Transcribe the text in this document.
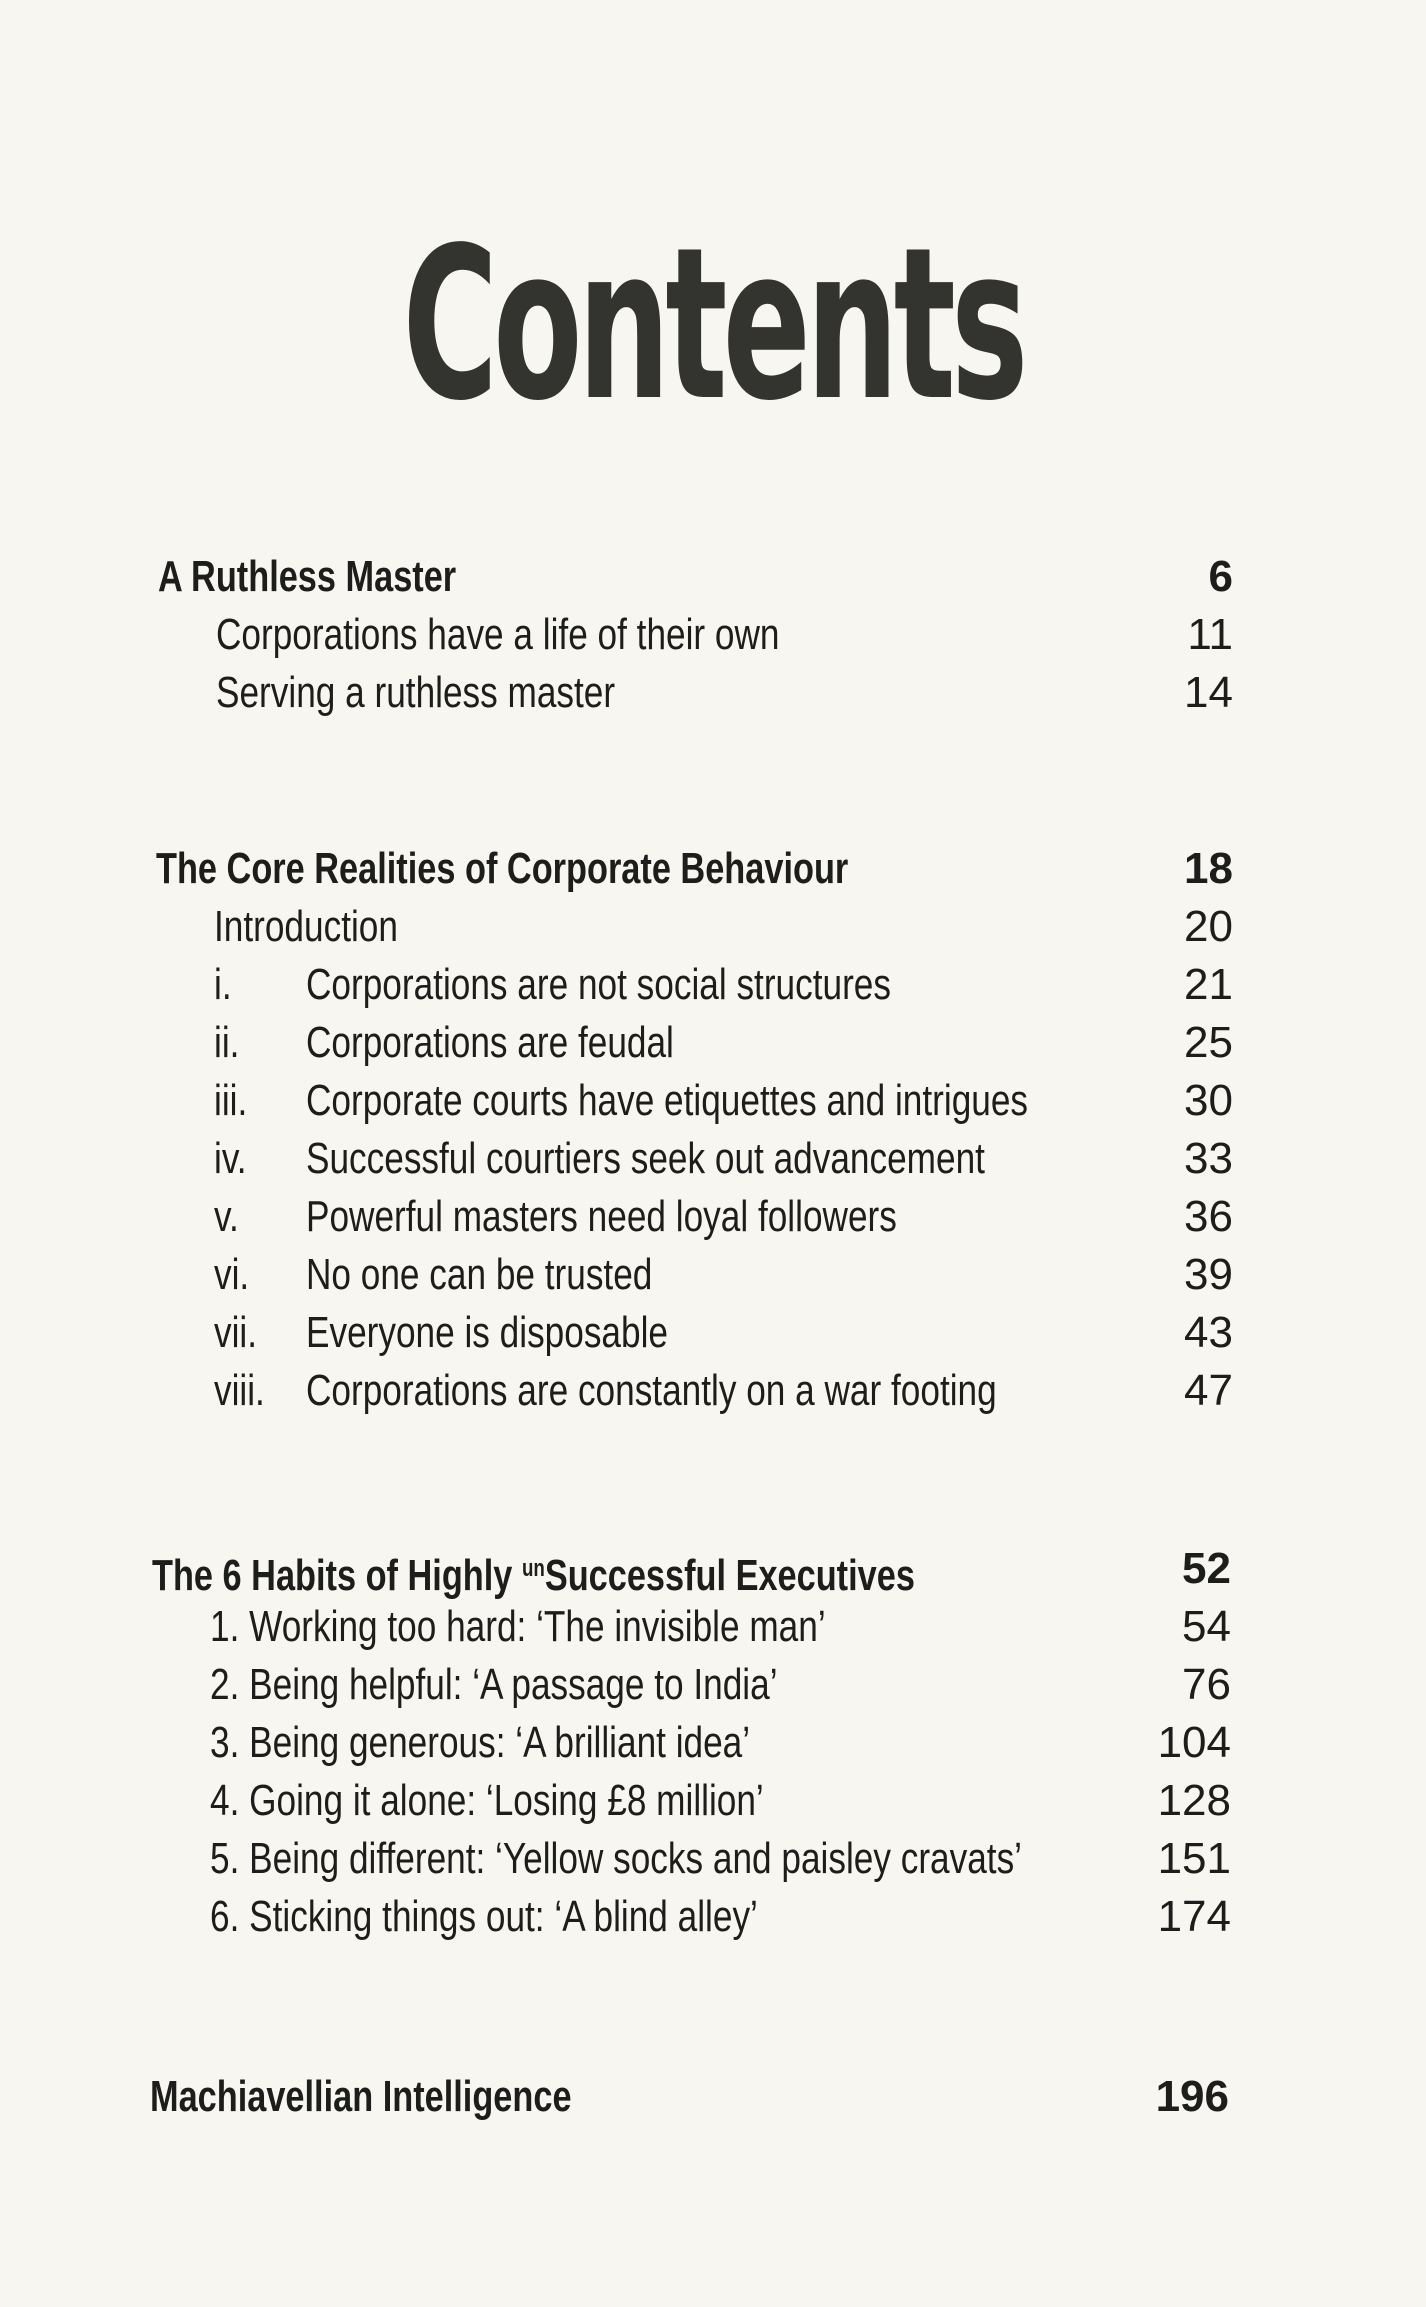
Contents
A Ruthless Master	6
Corporations have a life of their own	11
Serving a ruthless master	14
The Core Realities of Corporate Behaviour	18
Introduction	20
i. Corporations are not social structures	21
ii. Corporations are feudal	25
iii. Corporate courts have etiquettes and intrigues	30
iv. Successful courtiers seek out advancement	33
v. Powerful masters need loyal followers	36
vi. No one can be trusted	39
vii. Everyone is disposable	43
viii. Corporations are constantly on a war footing	47
The 6 Habits of Highly $^{un}$Successful Executives	52
1. Working too hard: ‘The invisible man’	54
2. Being helpful: ‘A passage to India’	76
3. Being generous: ‘A brilliant idea’	104
4. Going it alone: ‘Losing £8 million’	128
5. Being different: ‘Yellow socks and paisley cravats’	151
6. Sticking things out: ‘A blind alley’	174
Machiavellian Intelligence	196
